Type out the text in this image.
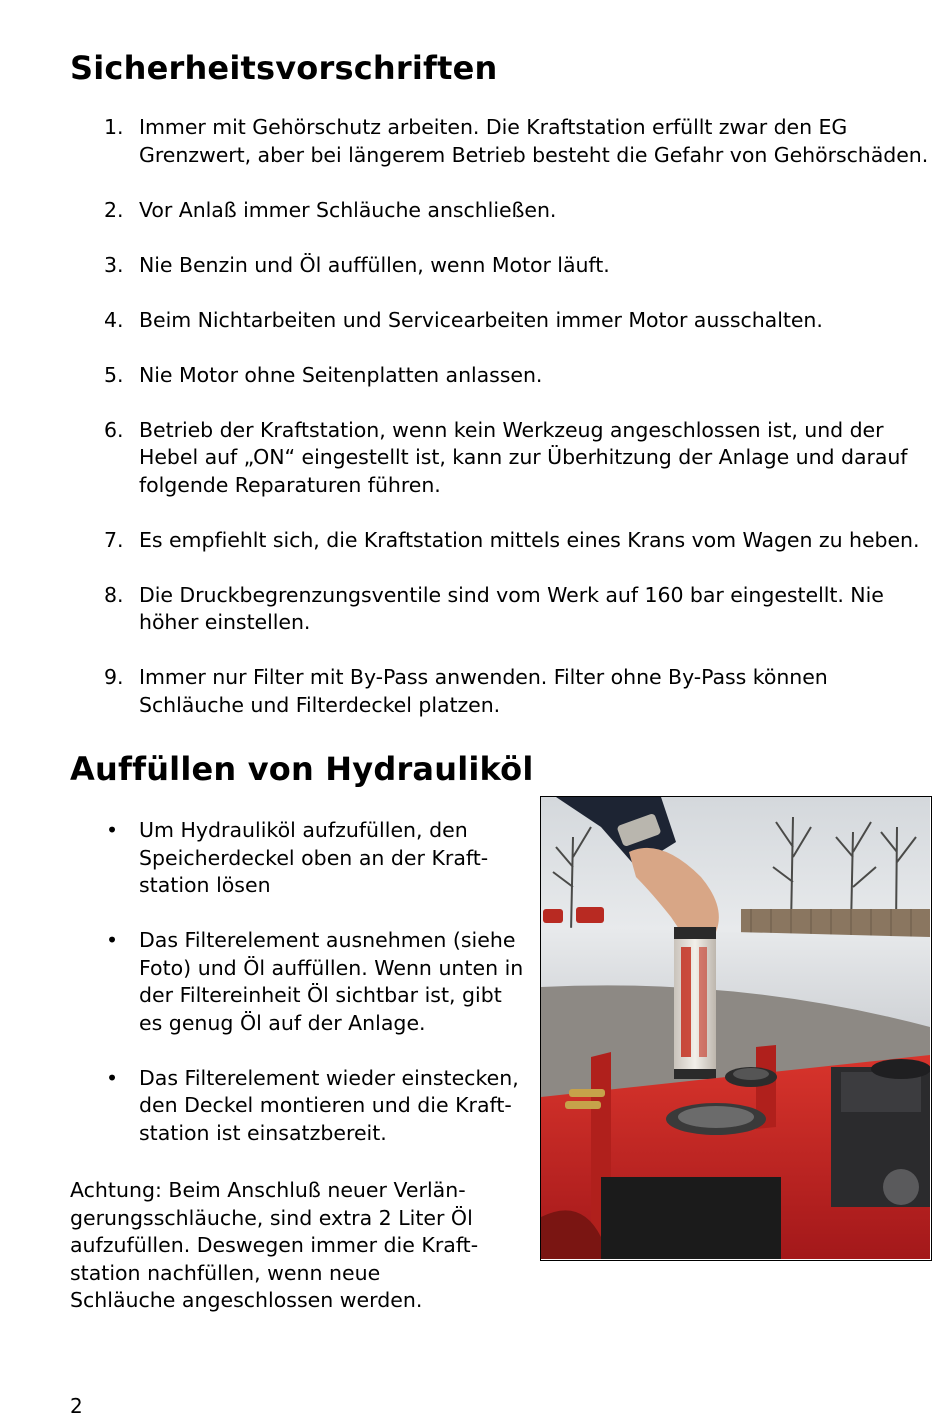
Sicherheitsvorschriften
1. Immer mit Gehörschutz arbeiten. Die Kraftstation erfüllt zwar den EG Grenzwert, aber bei längerem Betrieb besteht die Gefahr von Gehörschäden.
2. Vor Anlaß immer Schläuche anschließen.
3. Nie Benzin und Öl auffüllen, wenn Motor läuft.
4. Beim Nichtarbeiten und Servicearbeiten immer Motor ausschalten.
5. Nie Motor ohne Seitenplatten anlassen.
6. Betrieb der Kraftstation, wenn kein Werkzeug angeschlossen ist, und der Hebel auf „ON“ eingestellt ist, kann zur Überhitzung der Anlage und darauf folgende Reparaturen führen.
7. Es empfiehlt sich, die Kraftstation mittels eines Krans vom Wagen zu heben.
8. Die Druckbegrenzungsventile sind vom Werk auf 160 bar eingestellt. Nie höher einstellen.
9. Immer nur Filter mit By-Pass anwenden. Filter ohne By-Pass können Schläuche und Filterdeckel platzen.
Auffüllen von Hydrauliköl
• Um Hydrauliköl aufzufüllen, den Speicherdeckel oben an der Kraft-station lösen
• Das Filterelement ausnehmen (siehe Foto) und Öl auffüllen. Wenn unten in der Filtereinheit Öl sichtbar ist, gibt es genug Öl auf der Anlage.
• Das Filterelement wieder einstecken, den Deckel montieren und die Kraft-station ist einsatzbereit.

Achtung: Beim Anschluß neuer Verlän-gerungsschläuche, sind extra 2 Liter Öl aufzufüllen. Deswegen immer die Kraft-station nachfüllen, wenn neue Schläuche angeschlossen werden.

2
